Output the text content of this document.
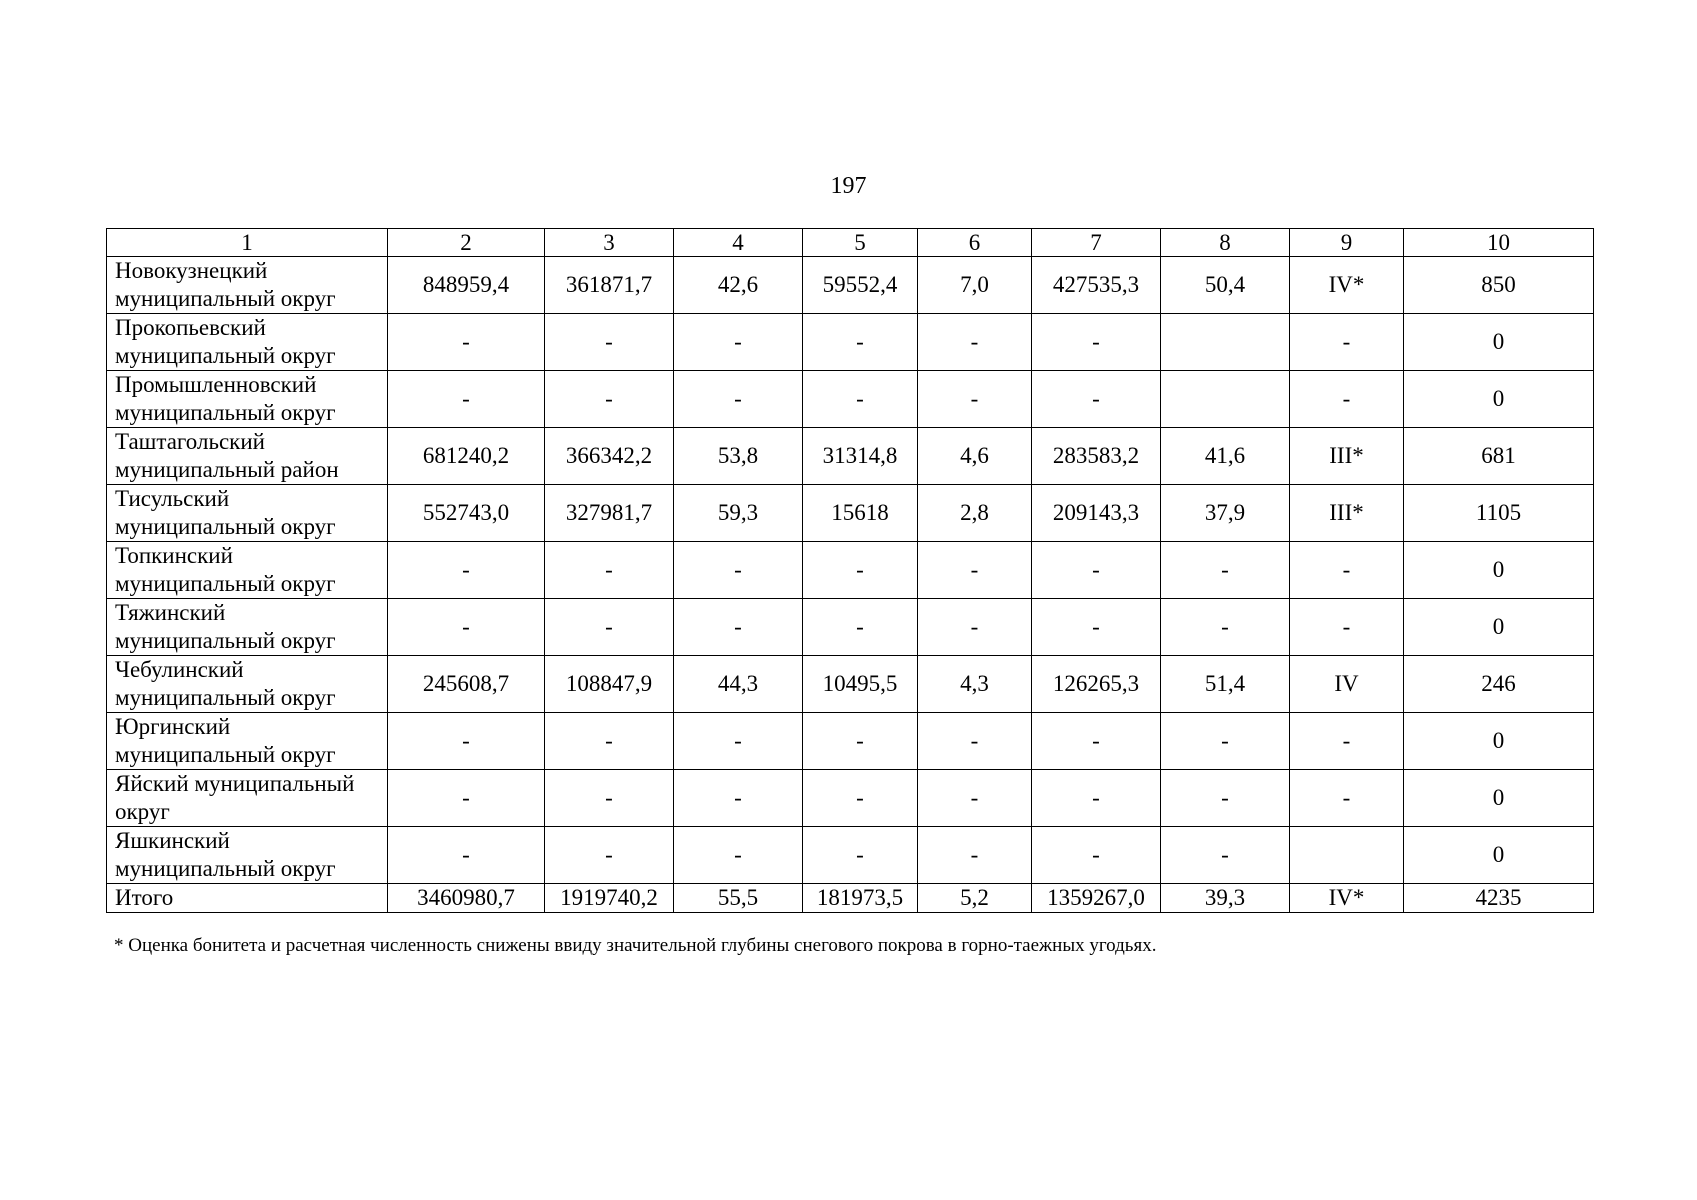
197
1	2	3	4	5	6	7	8	9	10

Новокузнецкий
муниципальный округ	848959,4	361871,7	42,6	59552,4	7,0	427535,3	50,4	IV*	850

Прокопьевский
муниципальный округ	-	-	-	-	-	-		-	0

Промышленновский
муниципальный округ	-	-	-	-	-	-		-	0

Таштагольский
муниципальный район	681240,2	366342,2	53,8	31314,8	4,6	283583,2	41,6	III*	681

Тисульский
муниципальный округ	552743,0	327981,7	59,3	15618	2,8	209143,3	37,9	III*	1105

Топкинский
муниципальный округ	-	-	-	-	-	-	-	-	0

Тяжинский
муниципальный округ	-	-	-	-	-	-	-	-	0

Чебулинский
муниципальный округ	245608,7	108847,9	44,3	10495,5	4,3	126265,3	51,4	IV	246

Юргинский
муниципальный округ	-	-	-	-	-	-	-	-	0

Яйский муниципальный
округ	-	-	-	-	-	-	-	-	0

Яшкинский
муниципальный округ	-	-	-	-	-	-	-		0
Итого	3460980,7	1919740,2	55,5	181973,5	5,2	1359267,0	39,3	IV*	4235
* Оценка бонитета и расчетная численность снижены ввиду значительной глубины снегового покрова в горно-таежных угодьях.
